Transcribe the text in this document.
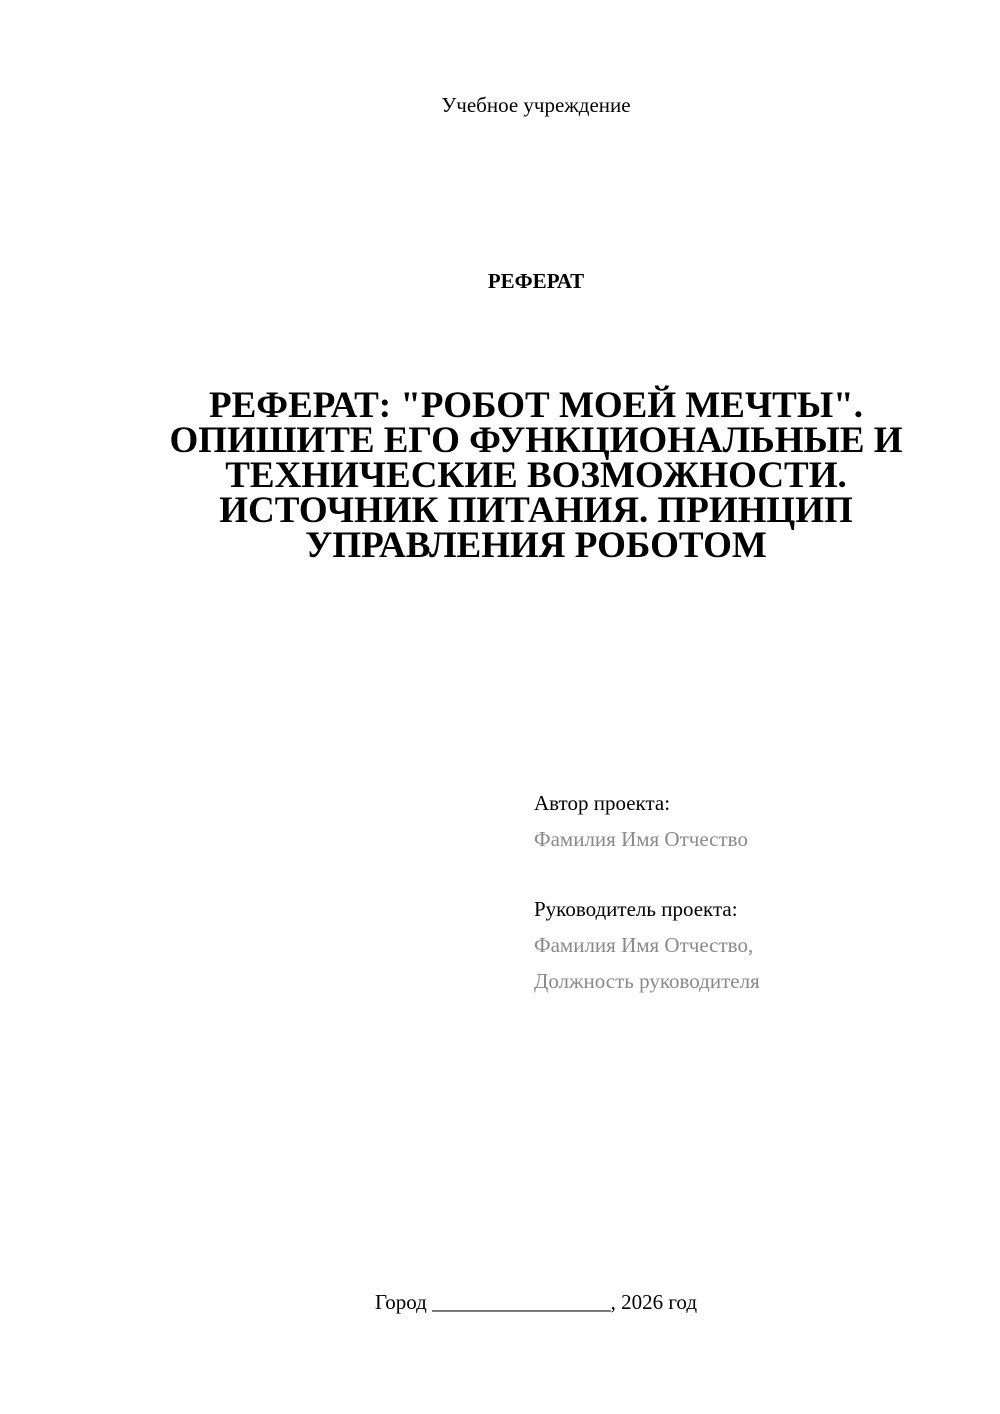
Учебное учреждение
РЕФЕРАТ
РЕФЕРАТ: "РОБОТ МОЕЙ МЕЧТЫ". ОПИШИТЕ ЕГО ФУНКЦИОНАЛЬНЫЕ И ТЕХНИЧЕСКИЕ ВОЗМОЖНОСТИ. ИСТОЧНИК ПИТАНИЯ. ПРИНЦИП УПРАВЛЕНИЯ РОБОТОМ
Автор проекта:
Фамилия Имя Отчество
Руководитель проекта:
Фамилия Имя Отчество,
Должность руководителя
Город _________________, 2026 год
